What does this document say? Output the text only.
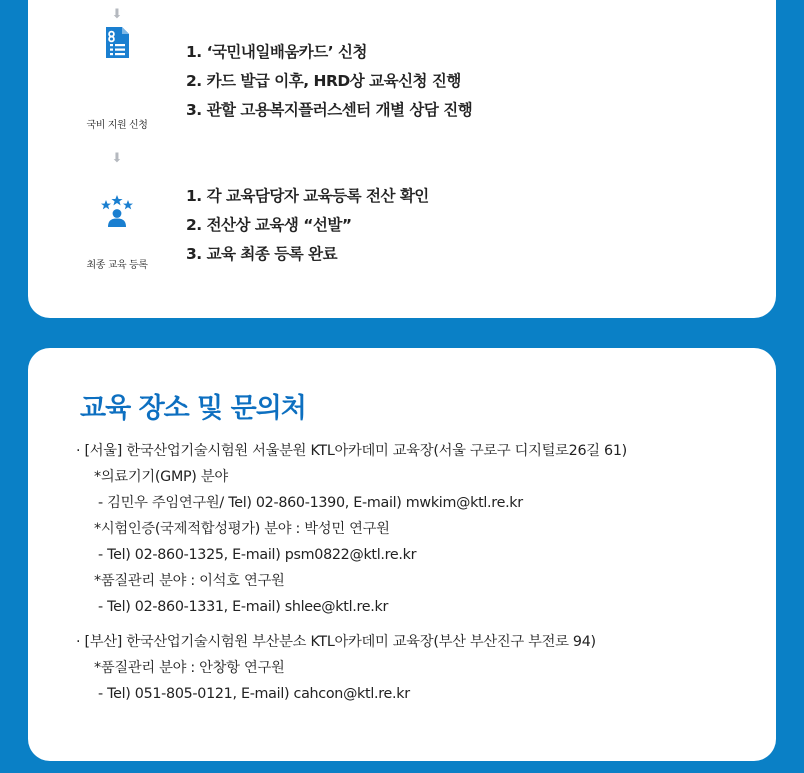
⬇
국비 지원 신청
1. ‘국민내일배움카드’ 신청
2. 카드 발급 이후, HRD상 교육신청 진행
3. 관할 고용복지플러스센터 개별 상담 진행
⬇
최종 교육 등록
1. 각 교육담당자 교육등록 전산 확인
2. 전산상 교육생 “선발”
3. 교육 최종 등록 완료
교육 장소 및 문의처
· [서울] 한국산업기술시험원 서울분원 KTL아카데미 교육장(서울 구로구 디지털로26길 61)
*의료기기(GMP) 분야
- 김민우 주임연구원/ Tel) 02-860-1390, E-mail) mwkim@ktl.re.kr
*시험인증(국제적합성평가) 분야 : 박성민 연구원
- Tel) 02-860-1325, E-mail) psm0822@ktl.re.kr
*품질관리 분야 : 이석호 연구원
- Tel) 02-860-1331, E-mail) shlee@ktl.re.kr
· [부산] 한국산업기술시험원 부산분소 KTL아카데미 교육장(부산 부산진구 부전로 94)
*품질관리 분야 : 안창항 연구원
- Tel) 051-805-0121, E-mail) cahcon@ktl.re.kr
